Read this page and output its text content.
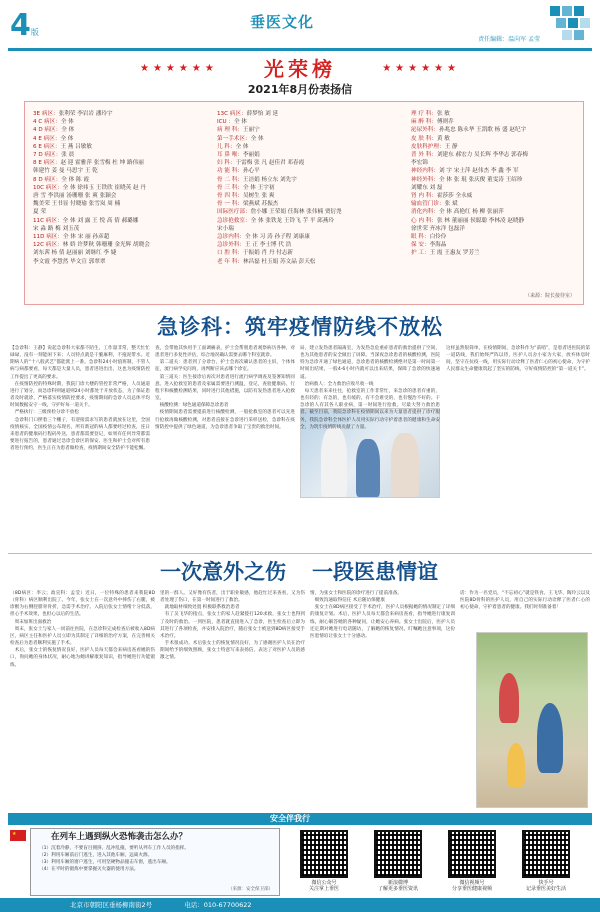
4版
垂医文化
责任编辑：温向军 孟莹
★★★★★★	光荣榜	★★★★★★
2021年8月份表扬信

3E 病区：张利荣 李岩岩 潘玲宇

4 C 病区：全 体

4 D 病区：全 体

4 E 病区：全 体

6 E 病区：王 燕 吕敏敏

7 D 病区：张 晨

8 E 病区：赵 迎 霍雅萍 张雪梅 杜 坤 路伟丽

韩建竹 姜 曼 马思宇 王 乾

8 D 病区：全 体 陈 霞

10C 病区：全 体 徐祎玉 王铁欣 崔晓英 赵 丹

唐 雪 李洪丽 汤珊珊 张 爽 张颖会

魏美荣 王书显 付晓瑜 张雪岚 周 楠

夏 荣

11C 病区：全 体 刘 露 王 悦 高 倩 郝璐娜

宋 淼 路 梅 刘玉茂

11D 病区：全 体 宋 丽 孙彦超

12C 病区：林 娇 许梦秋 韩珊珊 金光辉 胡晓会

刘东茜 杨 倩 赵丽丽 刘继红 李 婕

李文霞 李慧然 毕文宣 郭翠翠

13C 病区：薛梦怡 刘 延

ICU ：全 体

病 理 科：王丽宁

第一手术区：全 体

儿 科：全 体

耳 鼻 喉：李丽娟

妇 科：于雷梅 张 凡 赵佳君 邓春霞

功 能 科：孙心平

骨 二 科：王涪娟 杨立东 刘先宇

骨 三 科：全 体 王宇初

骨 四 科：吴树生 张 爽

骨 一 科：梁燕斌 苏振杰

国际医疗部：詹小娜 王荣娟 任海林 张伟楠 贾衍尧

急诊抢救室：全 体 张铁龙 王铃飞 芋 平 邱燕玲

宋小瑞

急诊内科：全 体 习 涛 孙子程 刘康康

急诊外科：王 正 李士博 代 浩

口 腔 科：于振娟 肖 丹 付志新

老 年 科：林昌磊 杜玉娟 苏文晶 彭天松

理 疗 科：张 敏

麻 醉 科：傅则乔

泌尿外科：孙兆忠 陈永华 王凯歌 杨 盛 赵纪宇

皮 肤 科：黄 敏

皮肤科护理：王 静

普 外 科：刘建东 郝宏力 吴长辉 李华志 郭春梅

李宏锦

神经内科：刘 宇 宋土萍 赵伟杰 李 鑫 李 军

神经外科：全 体 张 琨 张庆俊 董雯涛 王绍珍

刘耀东 刘 磊

肾 内 科：霍莎莎 全永威

输血管门诊：张 斌

消化内科：全 体 高艳红 杨 柳 张丽萍

心 内 科：张 林 董丽丽 侯聪聪 李林凌 赵晓静

徐世荣 齐冰洋 包磊洋

眼 科：白伶伶

保 安：李海晶

护 工：王 霞 王惠友 罗芳兰

（来源：院长接待室）
急诊科：筑牢疫情防线不放松
【急诊科：王静】说起急诊科大家都不陌生，工作量非常，整天忙忙碌碌，没有一刻能闲下来；人员特点就是干脆麻利，不拖泥带水。近期病人的“十八般武艺”都能派上一番。急诊科24小时值班制，不管人病与病都要看，每天都是大量人员，患者进进出出，这也为疫情防控工作提出了更高的要求。
　在疫情防控的特殊时期，我院门诊大楼的管控非常严格，人员通道进行了划分，而急诊科则通道则24小时都处于开放状态，为了保证患者及时就诊，严格落实疫情防控要求，疫情期间的急诊人员总体平均时间数据安守一线，守护好每一道关卡。
　严格执行：三级预检分诊不放松
　急诊科门口摆着三个棚子，有迎接需求写的患者就放在这里，全国疫情核实、全国疫情公布现名，所有新冠的病人都要经过检查，连日来患者的健康码行程码外送，患者都需要登记，如果有任何异常都需要进行报告的，患者通过急诊会诊区的保安、医生和护士会对所有患者进行预约，医生正在为患者做检查，疫情期间安全防护不能松懈。
查，会带他其快用手工面调痛表，护士会帮朋患者观察病历各种，对患者进行多复性评估，综合地况确认需要去哪个科室就诊。
　第二道关：患者到了分诊台，护士会再次确认患者的主诉，个体体征，流行病学史问询，再判断应该去哪个诊室。
　第三道关：医生接诊后再次对患者进行流行病学调查及签署知情同意。进入抢救室的患者及家属需要进行测温，登记，查验健康码、行程卡和核酸检测结果，同时进行其他措施，以防有发热患者进入抢救室。
　核酸检测：绿色通道保障急诊患者
　疫情期间患者需要提前进行核酸检测，一般抢救室的患者可以先进行抢救再做核酸检测，对患者直接在急诊进行采样送检，急诊科在疫情防控中提供了绿色通道，为急诊患者争取了宝贵的救治时间。
局，建立发热患者隔离室，为发热急危重症患者的救治提供了空间，也为其他患者的安全做出了屏障。当深夜急诊患者的核酸检测，医院特为急诊开通了绿色通道，急诊患者的核酸检测绝对是第一时间第一时间出结果，一般4-6小时内就可以出来结果，保障了急诊的快速通道。
　治病救人：全力救治应收尽收一线
　每天患者来来往往，抢救室的工作非常忙，来急诊的患者有重的，也有轻的；有急的，也有缓的，有不会难受的，也有慢治不好的。干急诊的人有其各人职业病，第一时间进行抢救，尽最大努力救治患者。截至目前，我院急诊科在疫情期间以来为大量患者提供了诊疗服务，我院急诊科全体医护人员用实际行动守护着患者的健康和生命安全，为筑牢疫情防线贡献了力量。
这样虽然很简单，在疫情期间，急诊科作为“前哨”，是患者进医院的第一道防线，我们始终严阵以待，医护人员舍小家为大家，放弃休息时间，坚守在抗疫一线，用实际行动诠释了医者仁心的初心使命，为守护人民群众生命健康筑起了坚实的防线，守好疫情防控的“第一道关卡”。
一次意外之伤 一段医患情谊
（8D病区：李云；政宣科：孟莹）近日，一位特殊的患者来我院8D（骨科）病区顺利出院了。今年，张女士在一次意外中摔伤了右腿，被诊断为右侧胫腓骨骨折，急需手术治疗。入院后张女士情绪十分低落，担心手术效果，也担心以后的生活。
　周末加班出面救治
　周末，张女士与家人一同前往医院，在急诊科完成检查后被收入8D病区，病区主任和医护人员立即为其制定了详细的治疗方案，在完善相关检查后为患者顺利实施了手术。
　术后，张女士的恢复情况良好，医护人员每天都会来病房查看她的伤口，询问她的身体状况，耐心地为她讲解康复知识，指导她进行功能锻炼。
里的一群人。又好像有伤者，出于职业敏感，他赶忙过来查看，又为伤者处理了伤口，在第一时间进行了救治。
　就地取材细致处置 积极联系救治患者
　有了吴飞华的指点，张女士的家人赶紧拨打120求救，张女士也得到了及时的救治。一到医院，患者就直接进入了急诊，医生检查后立即为其进行了各项检查，并安排入院治疗，随后张女士被送到8D病区接受手术治疗。
　手术很成功。术后张女士的恢复情况良好，为了感谢医护人员在治疗期间给予的细致照顾，张女士特意写来表扬信，表达了对医护人员的感激之情。
情，为张女士和医院的诊疗进行了提前准备。
　细致沟通取得信任 术后随访保健康
　张女士在8D病区接受了手术治疗，医护人员根据她的情况制定了详细的康复计划。术后，医护人员每天都会来病房查看，指导她进行康复训练，耐心解答她的各种疑问，让她安心养病。张女士出院后，医护人员还定期对她进行电话随访，了解她的恢复情况，叮嘱她注意事项，这份医患情谊让张女士十分感动。
话：作为一名党员，“不忘初心”就是铁食。王飞华、陶玲云以及医院8D骨科的医护人员，用自己的实际行动诠释了医者仁心的初心使命，守护着患者的健康。我们时刻准备着！
安全伴我行
★	在列车上遇到纵火恐怖袭击怎么办？

（1）沉着冷静，不要盲目拥挤、乱冲乱撞，要听从列车工作人员的指挥。

（2）利用车厢前后门逃生，进入其他车厢，远离火源。

（3）利用车厢的窗户逃生，可用坚硬物品撞击车窗，逃出车厢。

（4）在平时的锻炼中要掌握灭火器的使用方法。

（来源：安全保卫部）
微信公众号
关注掌上垂医
新浪微博
了解更多垂医资讯
微信视频号
分享垂医健康视频
快手号
记录垂医美好生活
北京市朝阳区垂杨柳南街2号	电话：010-67700622
